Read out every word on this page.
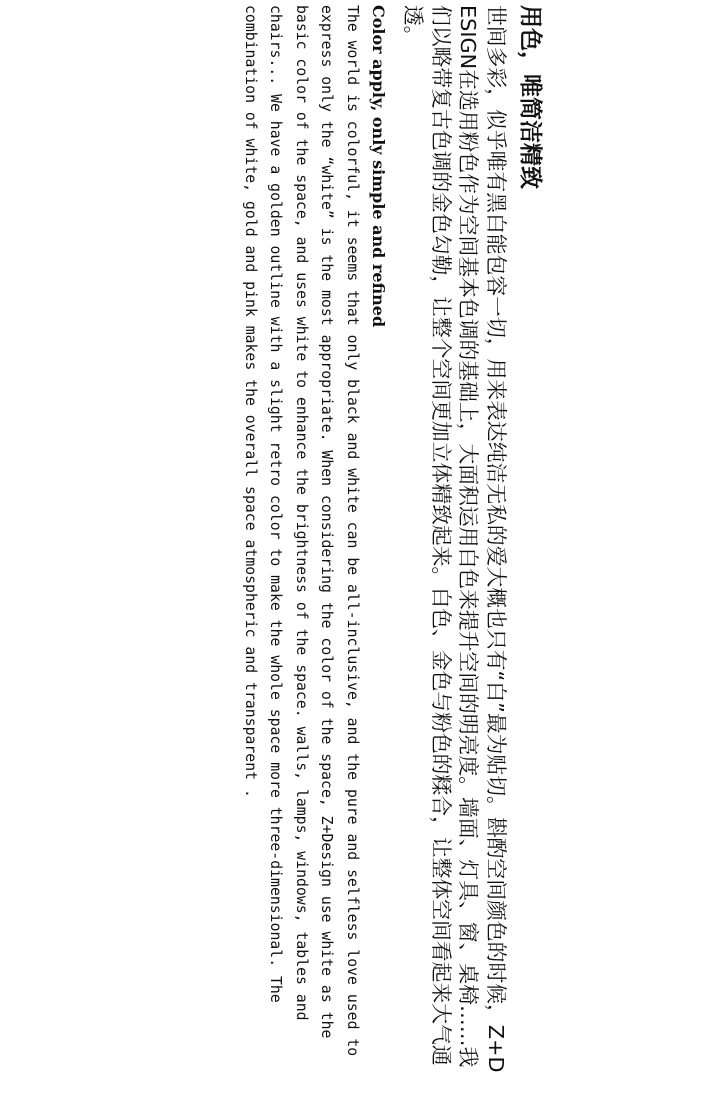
用色，唯简洁精致
世间多彩，似乎唯有黑白能包容一切，用来表达纯洁无私的爱大概也只有“白”最为贴切。斟酌空间颜色的时候，Z+DESIGN在选用粉色作为空间基本色调的基础上，大面积运用白色来提升空间的明亮度。墙面、灯具、窗、桌椅……我们以略带复古色调的金色勾勒，让整个空间更加立体精致起来。白色、金色与粉色的糅合，让整体空间看起来大气通透。
Color apply, only simple and refined
The world is colorful, it seems that only black and white can be all-inclusive, and the pure and selfless love used to express only the “white” is the most appropriate. When considering the color of the space, Z+Design use white as the basic color of the space, and uses white to enhance the brightness of the space. walls, lamps, windows, tables and chairs... We have a golden outline with a slight retro color to make the whole space more three-dimensional. The combination of white, gold and pink makes the overall space atmospheric and transparent .
